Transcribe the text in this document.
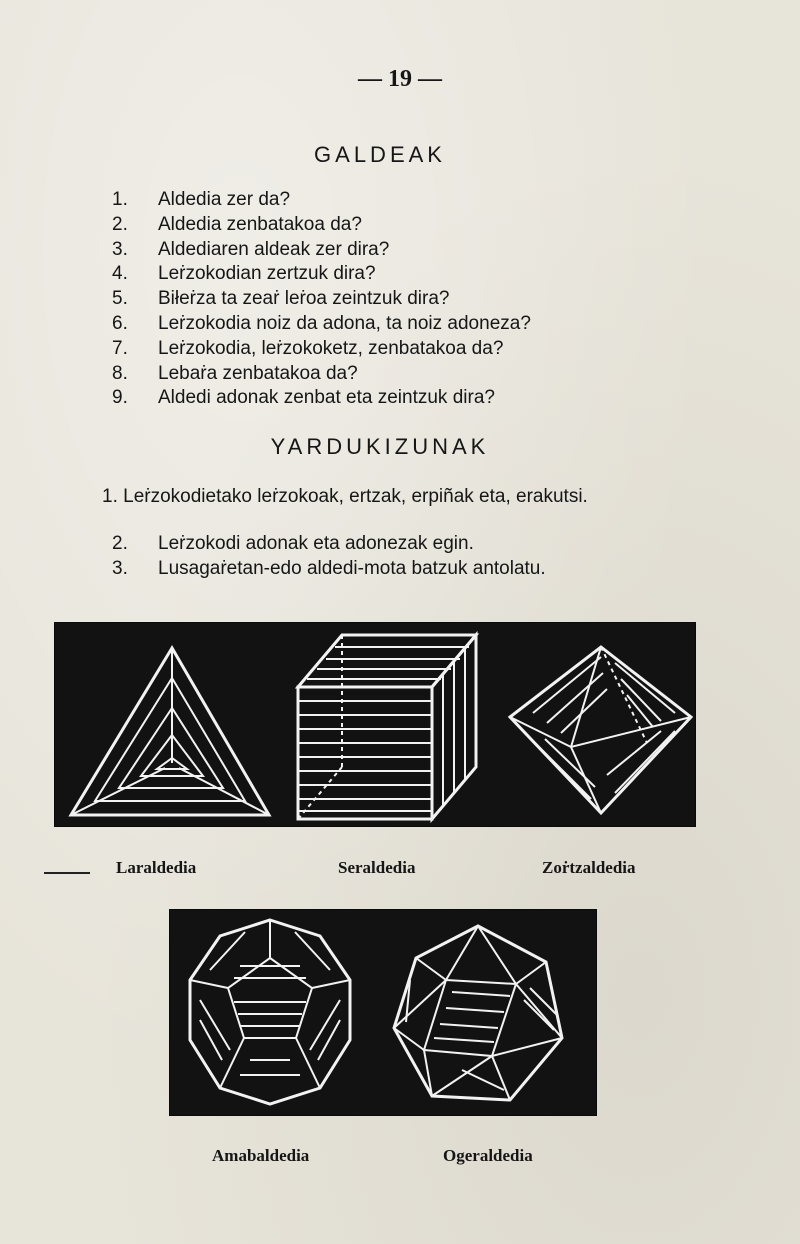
— 19 —
GALDEAK
1.	Aldedia zer da?
2.	Aldedia zenbatakoa da?
3.	Aldediaren aldeak zer dira?
4.	Leṙzokodian zertzuk dira?
5.	Biłeṙza ta zeaṙ leṙoa zeintzuk dira?
6.	Leṙzokodia noiz da adona, ta noiz adoneza?
7.	Leṙzokodia, leṙzokoketz, zenbatakoa da?
8.	Lebaṙa zenbatakoa da?
9.	Aldedi adonak zenbat eta zeintzuk dira?
YARDUKIZUNAK
1. Leṙzokodietako leṙzokoak, ertzak, erpiñak eta, erakutsi.
2.	Leṙzokodi adonak eta adonezak egin.
3.	Lusagaṙetan-edo aldedi-mota batzuk antolatu.
Laraldedia	Seraldedia	Zoṙtzaldedia
Amabaldedia	Ogeraldedia
